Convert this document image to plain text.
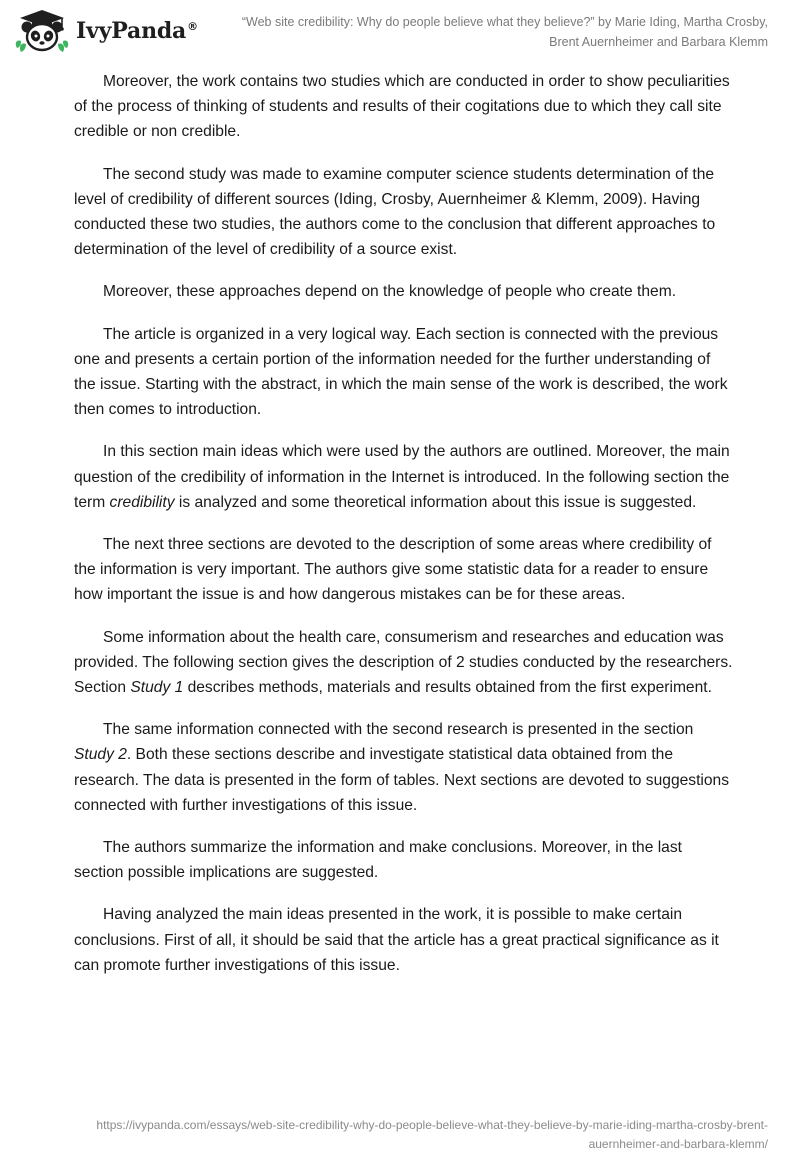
IvyPanda®	“Web site credibility: Why do people believe what they believe?” by Marie Iding, Martha Crosby, Brent Auernheimer and Barbara Klemm

Moreover, the work contains two studies which are conducted in order to show peculiarities of the process of thinking of students and results of their cogitations due to which they call site credible or non credible.

The second study was made to examine computer science students determination of the level of credibility of different sources (Iding, Crosby, Auernheimer & Klemm, 2009). Having conducted these two studies, the authors come to the conclusion that different approaches to determination of the level of credibility of a source exist.

Moreover, these approaches depend on the knowledge of people who create them.

The article is organized in a very logical way. Each section is connected with the previous one and presents a certain portion of the information needed for the further understanding of the issue. Starting with the abstract, in which the main sense of the work is described, the work then comes to introduction.

In this section main ideas which were used by the authors are outlined. Moreover, the main question of the credibility of information in the Internet is introduced. In the following section the term credibility is analyzed and some theoretical information about this issue is suggested.

The next three sections are devoted to the description of some areas where credibility of the information is very important. The authors give some statistic data for a reader to ensure how important the issue is and how dangerous mistakes can be for these areas.

Some information about the health care, consumerism and researches and education was provided. The following section gives the description of 2 studies conducted by the researchers. Section Study 1 describes methods, materials and results obtained from the first experiment.

The same information connected with the second research is presented in the section Study 2. Both these sections describe and investigate statistical data obtained from the research. The data is presented in the form of tables. Next sections are devoted to suggestions connected with further investigations of this issue.

The authors summarize the information and make conclusions. Moreover, in the last section possible implications are suggested.

Having analyzed the main ideas presented in the work, it is possible to make certain conclusions. First of all, it should be said that the article has a great practical significance as it can promote further investigations of this issue.

https://ivypanda.com/essays/web-site-credibility-why-do-people-believe-what-they-believe-by-marie-iding-martha-crosby-brent-auernheimer-and-barbara-klemm/
